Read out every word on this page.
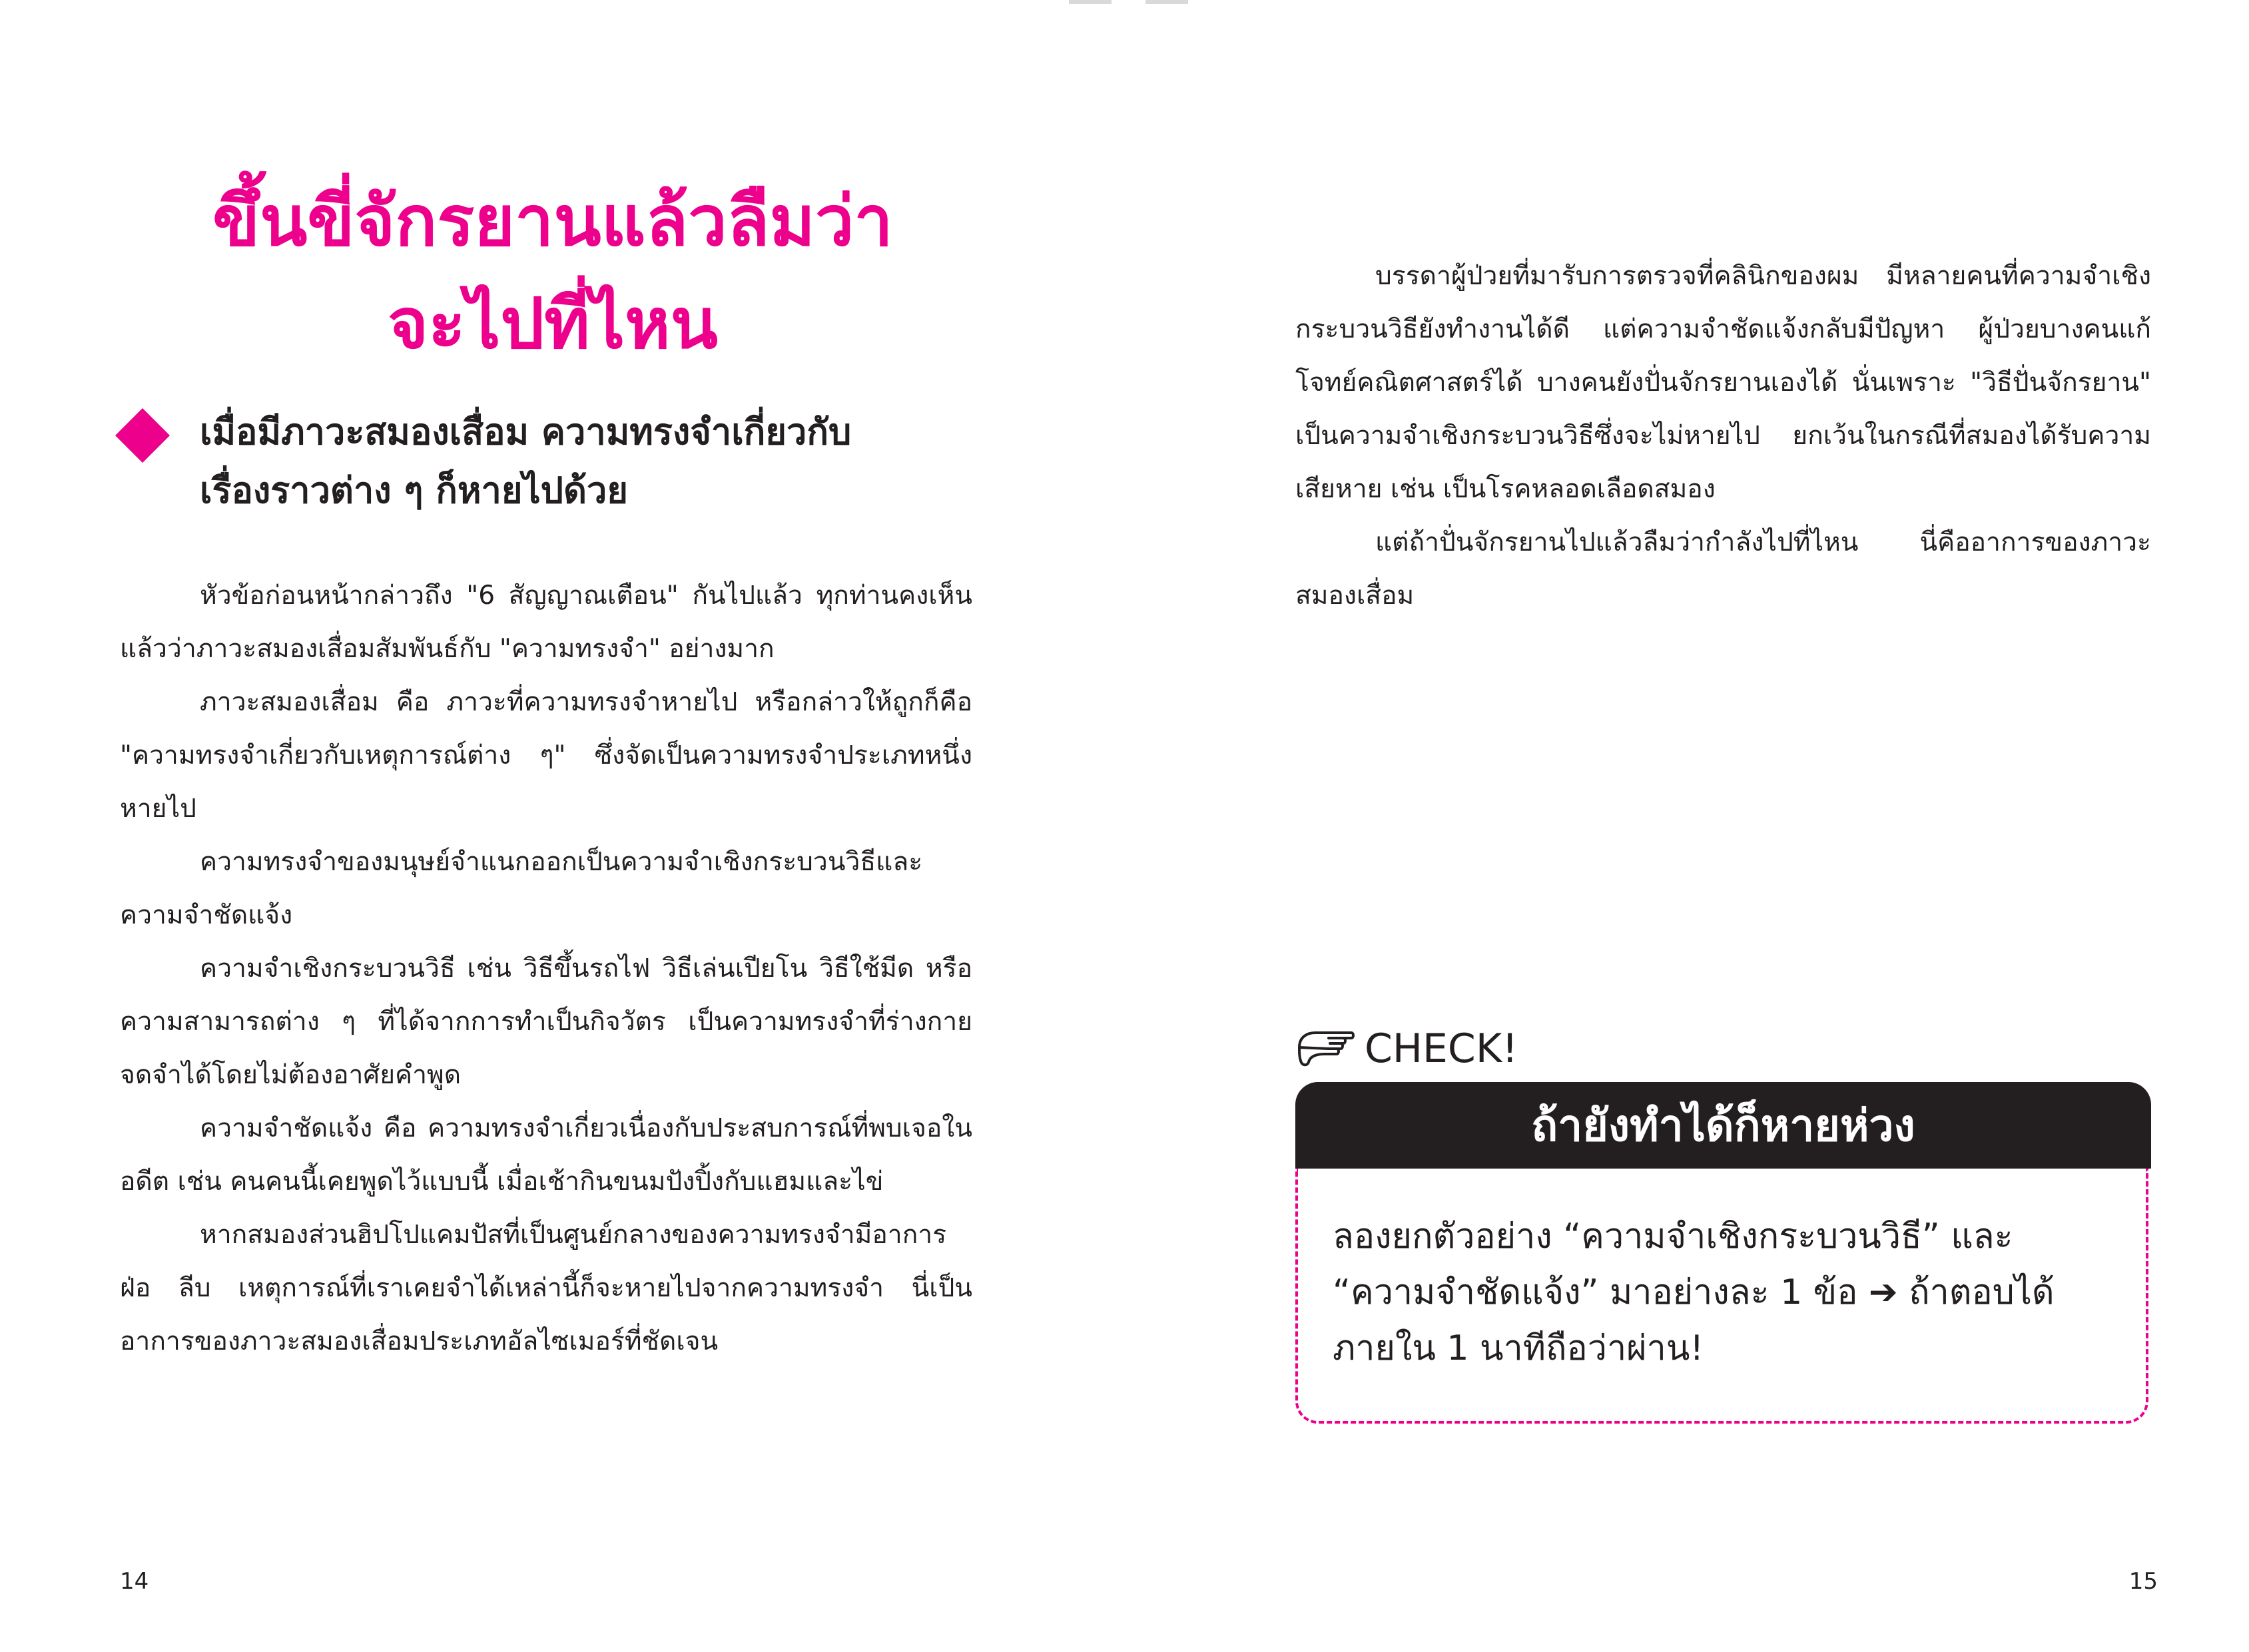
ขึ้นขี่จักรยานแล้วลืมว่า
จะไปที่ไหน
เมื่อมีภาวะสมองเสื่อม ความทรงจำเกี่ยวกับ
เรื่องราวต่าง ๆ ก็หายไปด้วย

หัวข้อก่อนหน้ากล่าวถึง "6 สัญญาณเตือน" กันไปแล้ว ทุกท่านคงเห็นแล้วว่าภาวะสมองเสื่อมสัมพันธ์กับ "ความทรงจำ" อย่างมาก

ภาวะสมองเสื่อม คือ ภาวะที่ความทรงจำหายไป หรือกล่าวให้ถูกก็คือ "ความทรงจำเกี่ยวกับเหตุการณ์ต่าง ๆ" ซึ่งจัดเป็นความทรงจำประเภทหนึ่งหายไป

ความทรงจำของมนุษย์จำแนกออกเป็นความจำเชิงกระบวนวิธีและความจำชัดแจ้ง

ความจำเชิงกระบวนวิธี เช่น วิธีขึ้นรถไฟ วิธีเล่นเปียโน วิธีใช้มีด หรือความสามารถต่าง ๆ ที่ได้จากการทำเป็นกิจวัตร เป็นความทรงจำที่ร่างกายจดจำได้โดยไม่ต้องอาศัยคำพูด

ความจำชัดแจ้ง คือ ความทรงจำเกี่ยวเนื่องกับประสบการณ์ที่พบเจอในอดีต เช่น คนคนนี้เคยพูดไว้แบบนี้ เมื่อเช้ากินขนมปังปิ้งกับแฮมและไข่

หากสมองส่วนฮิปโปแคมปัสที่เป็นศูนย์กลางของความทรงจำมีอาการฝ่อ ลีบ เหตุการณ์ที่เราเคยจำได้เหล่านี้ก็จะหายไปจากความทรงจำ นี่เป็นอาการของภาวะสมองเสื่อมประเภทอัลไซเมอร์ที่ชัดเจน

14

บรรดาผู้ป่วยที่มารับการตรวจที่คลินิกของผม มีหลายคนที่ความจำเชิงกระบวนวิธียังทำงานได้ดี แต่ความจำชัดแจ้งกลับมีปัญหา ผู้ป่วยบางคนแก้โจทย์คณิตศาสตร์ได้ บางคนยังปั่นจักรยานเองได้ นั่นเพราะ "วิธีปั่นจักรยาน" เป็นความจำเชิงกระบวนวิธีซึ่งจะไม่หายไป ยกเว้นในกรณีที่สมองได้รับความเสียหาย เช่น เป็นโรคหลอดเลือดสมอง

แต่ถ้าปั่นจักรยานไปแล้วลืมว่ากำลังไปที่ไหน นี่คืออาการของภาวะสมองเสื่อม

CHECK!
ถ้ายังทำได้ก็หายห่วง

ลองยกตัวอย่าง “ความจำเชิงกระบวนวิธี” และ “ความจำชัดแจ้ง” มาอย่างละ 1 ข้อ ➔ ถ้าตอบได้ภายใน 1 นาทีถือว่าผ่าน!

15
